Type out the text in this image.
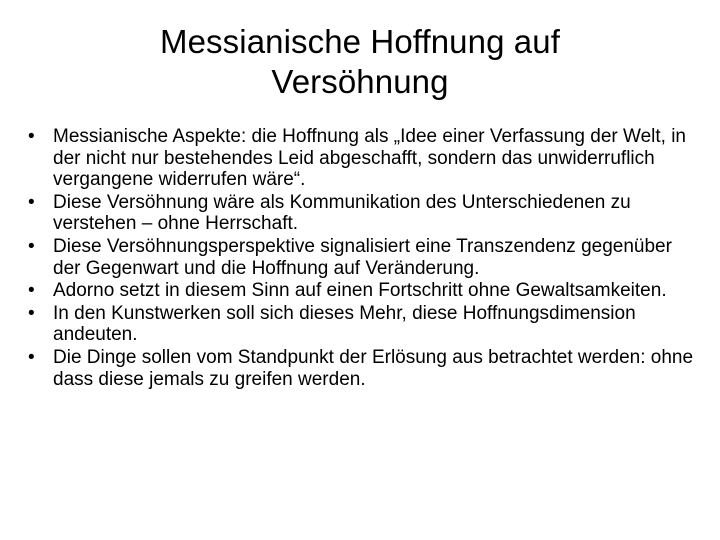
Messianische Hoffnung auf
Versöhnung
• Messianische Aspekte: die Hoffnung als „Idee einer Verfassung der Welt, in der nicht nur bestehendes Leid abgeschafft, sondern das unwiderruflich vergangene widerrufen wäre“.
• Diese Versöhnung wäre als Kommunikation des Unterschiedenen zu verstehen – ohne Herrschaft.
• Diese Versöhnungsperspektive signalisiert eine Transzendenz gegenüber der Gegenwart und die Hoffnung auf Veränderung.
• Adorno setzt in diesem Sinn auf einen Fortschritt ohne Gewaltsamkeiten.
• In den Kunstwerken soll sich dieses Mehr, diese Hoffnungsdimension andeuten.
• Die Dinge sollen vom Standpunkt der Erlösung aus betrachtet werden: ohne dass diese jemals zu greifen werden.
